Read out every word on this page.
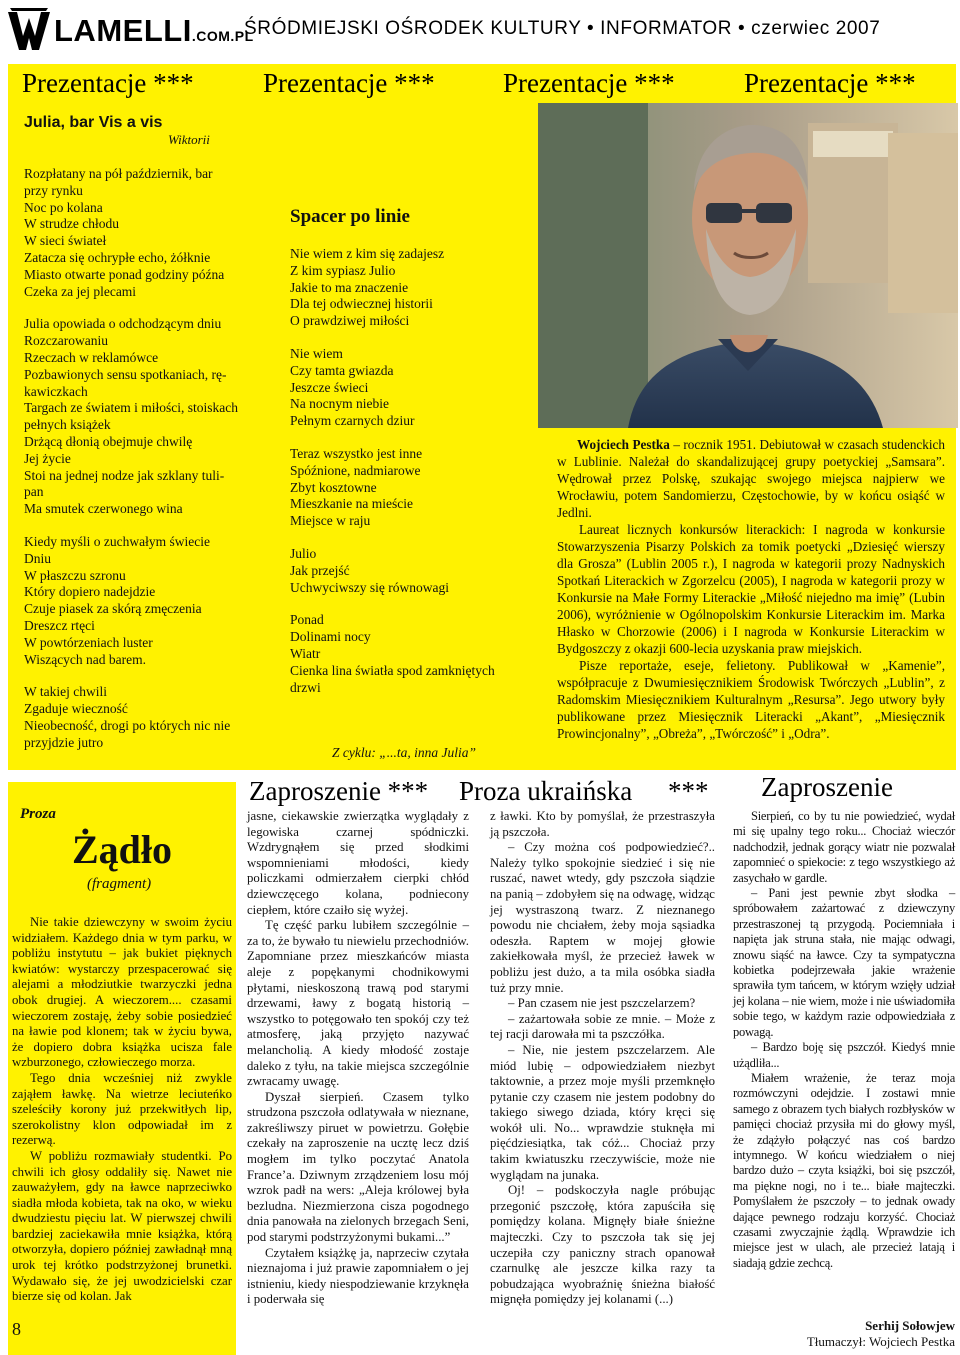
LAMELLI.COM.PL
ŚRÓDMIEJSKI OŚRODEK KULTURY • INFORMATOR • czerwiec 2007
Prezentacje ***	Prezentacje ***	Prezentacje ***	Prezentacje ***
Julia, bar Vis a vis
Wiktorii
Rozpłatany na pół październik, bar
przy rynku
Noc po kolana
W strudze chłodu
W sieci świateł
Zatacza się ochrypłe echo, żółknie
Miasto otwarte ponad godziny późna
Czeka za jej plecami
Julia opowiada o odchodzącym dniu
Rozczarowaniu
Rzeczach w reklamówce
Pozbawionych sensu spotkaniach, rę-
kawiczkach
Targach ze światem i miłości, stoiskach
pełnych książek
Drżącą dłonią obejmuje chwilę
Jej życie
Stoi na jednej nodze jak szklany tuli-
pan
Ma smutek czerwonego wina
Kiedy myśli o zuchwałym świecie
Dniu
W płaszczu szronu
Który dopiero nadejdzie
Czuje piasek za skórą zmęczenia
Dreszcz rtęci
W powtórzeniach luster
Wiszących nad barem.
W takiej chwili
Zgaduje wieczność
Nieobecność, drogi po których nic nie
przyjdzie jutro
Spacer po linie
Nie wiem z kim się zadajesz
Z kim sypiasz Julio
Jakie to ma znaczenie
Dla tej odwiecznej historii
O prawdziwej miłości
Nie wiem
Czy tamta gwiazda
Jeszcze świeci
Na nocnym niebie
Pełnym czarnych dziur
Teraz wszystko jest inne
Spóźnione, nadmiarowe
Zbyt kosztowne
Mieszkanie na mieście
Miejsce w raju
Julio
Jak przejść
Uchwyciwszy się równowagi
Ponad
Dolinami nocy
Wiatr
Cienka lina światła spod zamkniętych
drzwi
Z cyklu: „...ta, inna Julia”

Wojciech Pestka – rocznik 1951. Debiutował w czasach studenckich w Lublinie. Należał do skandalizującej grupy poetyckiej „Samsara”. Wędrował przez Polskę, szukając swojego miejsca najpierw we Wrocławiu, potem Sandomierzu, Częstochowie, by w końcu osiąść w Jedlni.

Laureat licznych konkursów literackich: I nagroda w konkursie Stowarzyszenia Pisarzy Polskich za tomik poetycki „Dziesięć wierszy dla Grosza” (Lublin 2005 r.), I nagroda w kategorii prozy Nadnyskich Spotkań Literackich w Zgorzelcu (2005), I nagroda w kategorii prozy w Konkursie na Małe Formy Literackie „Miłość niejedno ma imię” (Lubin 2006), wyróżnienie w Ogólnopolskim Konkursie Literackim im. Marka Hłasko w Chorzowie (2006) i I nagroda w Konkursie Literackim w Bydgoszczy z okazji 600-lecia uzyskania praw miejskich.

Pisze reportaże, eseje, felietony. Publikował w „Kamenie”, współpracuje z Dwumiesięcznikiem Środowisk Twórczych „Lublin”, z Radomskim Miesięcznikiem Kulturalnym „Resursa”. Jego utwory były publikowane przez Miesięcznik Literacki „Akant”, „Miesięcznik Prowincjonalny”, „Obreża”, „Twórczość” i „Odra”.

Zaproszenie *** Proza ukraińska *** Zaproszenie
Proza
Żądło
(fragment)

Nie takie dziewczyny w swoim życiu widziałem. Każdego dnia w tym parku, w pobliżu instytutu – jak bukiet pięknych kwiatów: wystarczy przespacerować się alejami a młodziutkie twarzyczki jedna obok drugiej. A wieczorem.... czasami wieczorem zostaję, żeby sobie posiedzieć na ławie pod klonem; tak w życiu bywa, że dopiero dobra książka ucisza fale wzburzonego, człowieczego morza.

Tego dnia wcześniej niż zwykle zająłem ławkę. Na wietrze leciuteńko szeleściły korony już przekwitłych lip, szerokolistny klon odpowiadał im z rezerwą.

W pobliżu rozmawiały studentki. Po chwili ich głosy oddaliły się. Nawet nie zauważyłem, gdy na ławce naprzeciwko siadła młoda kobieta, tak na oko, w wieku dwudziestu pięciu lat. W pierwszej chwili bardziej zaciekawiła mnie książka, którą otworzyła, dopiero później zawładnął mną urok tej krótko podstrzyżonej brunetki. Wydawało się, że jej uwodzicielski czar bierze się od kolan. Jak

jasne, ciekawskie zwierzątka wyglądały z legowiska czarnej spódniczki. Wzdrygnąłem się przed słodkimi wspomnieniami młodości, kiedy policzkami odmierzałem cierpki chłód dziewczęcego kolana, podniecony ciepłem, które czaiło się wyżej.

Tę część parku lubiłem szczególnie – za to, że bywało tu niewielu przechodniów. Zapomniane przez mieszkańców miasta aleje z popękanymi chodnikowymi płytami, nieskoszoną trawą pod starymi drzewami, ławy z bogatą historią – wszystko to potęgowało ten spokój czy też atmosferę, jaką przyjęto nazywać melancholią. A kiedy młodość zostaje daleko z tyłu, na takie miejsca szczególnie zwracamy uwagę.

Dyszał sierpień. Czasem tylko strudzona pszczoła odlatywała w nieznane, zakreśliwszy piruet w powietrzu. Gołębie czekały na zaproszenie na ucztę lecz dziś mogłem im tylko poczytać Anatola France’a. Dziwnym zrządzeniem losu mój wzrok padł na wers: „Aleja królowej była bezludna. Niezmierzona cisza pogodnego dnia panowała na zielonych brzegach Seni, pod starymi podstrzyżonymi bukami...”

Czytałem książkę ja, naprzeciw czytała nieznajoma i już prawie zapomniałem o jej istnieniu, kiedy niespodziewanie krzyknęła i poderwała się

z ławki. Kto by pomyślał, że przestraszyła ją pszczoła.

– Czy można coś podpowiedzieć?.. Należy tylko spokojnie siedzieć i się nie ruszać, nawet wtedy, gdy pszczoła siądzie na panią – zdobyłem się na odwagę, widząc jej wystraszoną twarz. Z nieznanego powodu nie chciałem, żeby moja sąsiadka odeszła. Raptem w mojej głowie zakiełkowała myśl, że przecież ławek w pobliżu jest dużo, a ta mila osóbka siadła tuż przy mnie.

– Pan czasem nie jest pszczelarzem?

– zażartowała sobie ze mnie. – Może z tej racji darowała mi ta pszczółka.

– Nie, nie jestem pszczelarzem. Ale miód lubię – odpowiedziałem niezbyt taktownie, a przez moje myśli przemknęło pytanie czy czasem nie jestem podobny do takiego siwego dziada, który kręci się wokół uli. No... wprawdzie stuknęła mi pięćdziesiątka, tak cóż... Chociaż przy takim kwiatuszku rzeczywiście, może nie wyglądam na junaka.

Oj! – podskoczyła nagle próbując przegonić pszczołę, która zapuściła się pomiędzy kolana. Mignęły białe śnieżne majteczki. Czy to pszczoła tak się jej uczepiła czy paniczny strach opanował czarnulkę ale jeszcze kilka razy ta pobudzająca wyobraźnię śnieżna białość mignęła pomiędzy jej kolanami (...)

Sierpień, co by tu nie powiedzieć, wydał mi się upalny tego roku... Chociaż wieczór nadchodził, jednak gorący wiatr nie pozwalał zapomnieć o spiekocie: z tego wszystkiego aż zasychało w gardle.

– Pani jest pewnie zbyt słodka – spróbowałem zażartować z dziewczyny przestraszonej tą przygodą. Pociemniała i napięta jak struna stała, nie mając odwagi, znowu siąść na ławce. Czy ta sympatyczna kobietka podejrzewała jakie wrażenie sprawiła tym tańcem, w którym wzięły udział jej kolana – nie wiem, może i nie uświadomiła sobie tego, w każdym razie odpowiedziała z powagą.

– Bardzo boję się pszczół. Kiedyś mnie użądliła...

Miałem wrażenie, że teraz moja rozmówczyni odejdzie. I zostawi mnie samego z obrazem tych białych rozbłysków w pamięci chociaż przysiła mi do głowy myśl, że zdążyło połączyć nas coś bardzo intymnego. W końcu wiedziałem o niej bardzo dużo – czyta książki, boi się pszczół, ma piękne nogi, no i te... białe majteczki. Pomyślałem że pszczoły – to jednak owady dające pewnego rodzaju korzyść. Chociaż czasami zwyczajnie żądlą. Wprawdzie ich miejsce jest w ulach, ale przecież latają i siadają gdzie zechcą.

8	Serhij Sołowjew
Tłumaczył: Wojciech Pestka
